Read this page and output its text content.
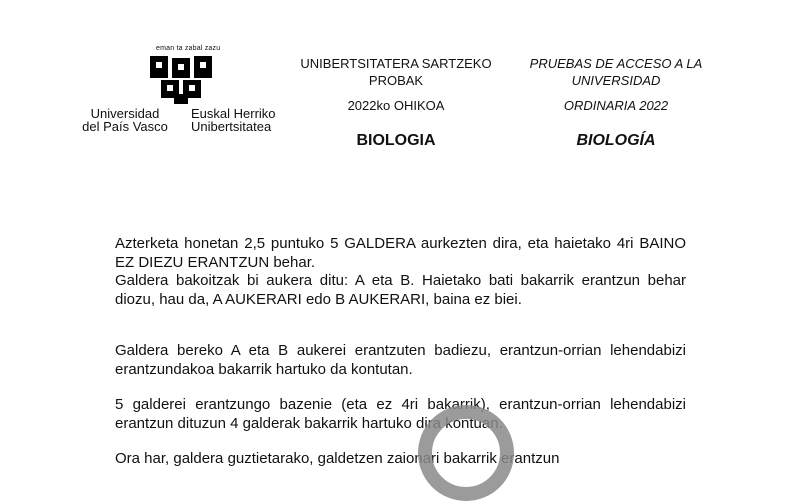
eman ta zabal zazu
Universidad
del País Vasco
Euskal Herriko
Unibertsitatea
UNIBERTSITATERA SARTZEKO PROBAK
2022ko OHIKOA
BIOLOGIA
PRUEBAS DE ACCESO A LA UNIVERSIDAD
ORDINARIA 2022
BIOLOGÍA

Azterketa honetan 2,5 puntuko 5 GALDERA aurkezten dira, eta haietako 4ri BAINO EZ DIEZU ERANTZUN behar.

Galdera bakoitzak bi aukera ditu: A eta B. Haietako bati bakarrik erantzun behar diozu, hau da, A AUKERARI edo B AUKERARI, baina ez biei.

Galdera bereko A eta B aukerei erantzuten badiezu, erantzun-orrian lehendabizi erantzundakoa bakarrik hartuko da kontutan.

5 galderei erantzungo bazenie (eta ez 4ri bakarrik), erantzun-orrian lehendabizi erantzun dituzun 4 galderak bakarrik hartuko dira kontuan.

Ora har, galdera guztietarako, galdetzen zaionari bakarrik erantzun
